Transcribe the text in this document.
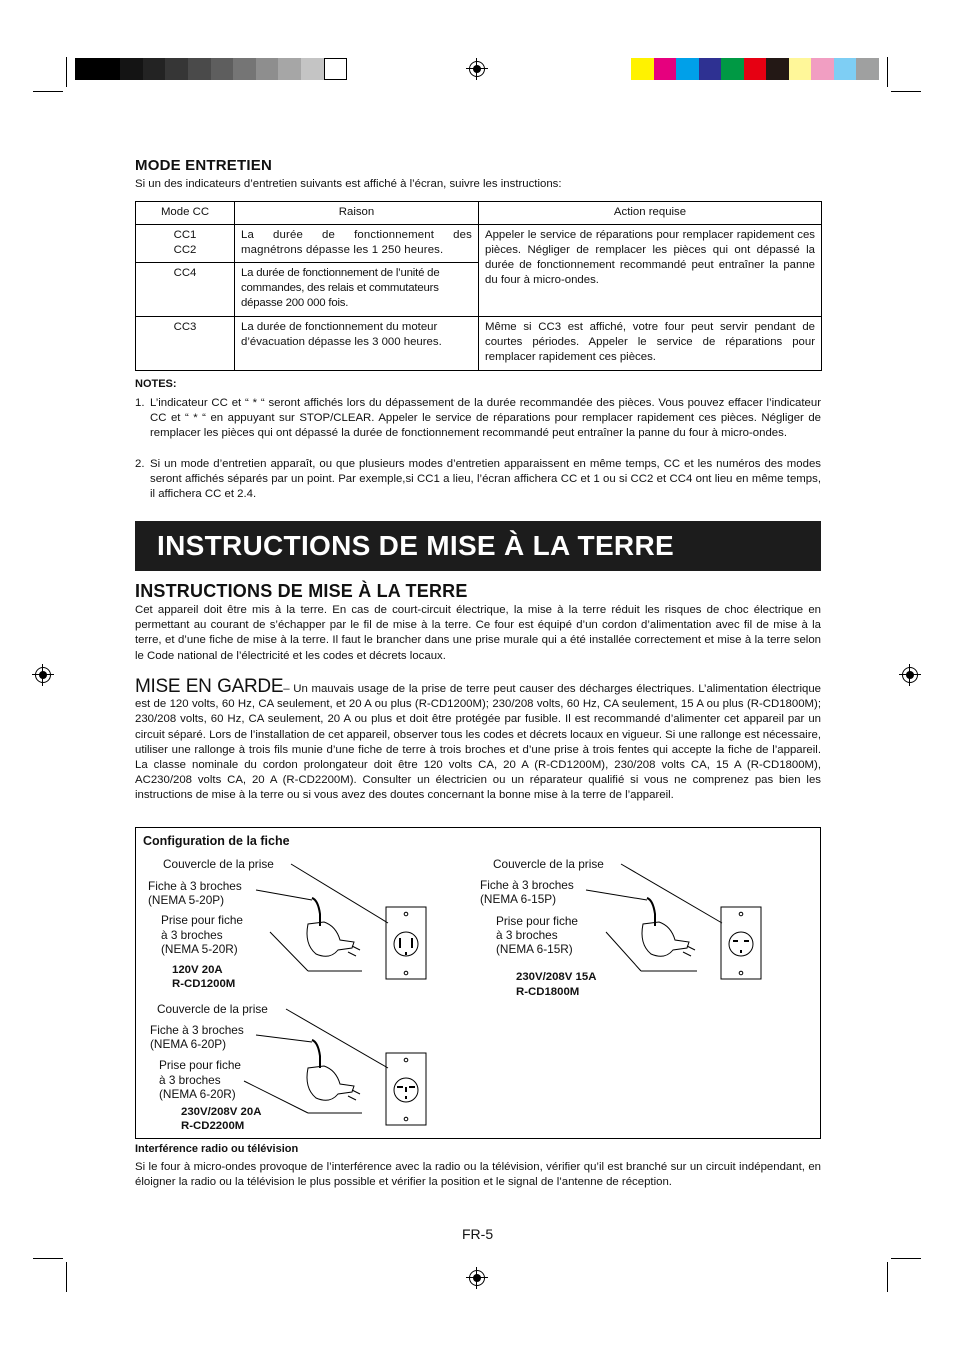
MODE ENTRETIEN

Si un des indicateurs d’entretien suivants est affiché à l’écran, suivre les instructions:

Mode CC	Raison	Action requise
CC1
CC2	La durée de fonctionnement des magnétrons dépasse les 1 250 heures.	Appeler le service de réparations pour remplacer rapidement ces pièces. Négliger de remplacer les pièces qui ont dépassé la durée de fonctionnement recommandé peut entraîner la panne du four à micro-ondes.
CC4	La durée de fonctionnement de l’unité de commandes, des relais et commutateurs dépasse 200 000 fois.	
CC3	La durée de fonctionnement du moteur d’évacuation dépasse les 3 000 heures.	Même si CC3 est affiché, votre four peut servir pendant de courtes périodes. Appeler le service de réparations pour remplacer rapidement ces pièces.
NOTES:
1. L’indicateur CC et “ * “ seront affichés lors du dépassement de la durée recommandée des pièces. Vous pouvez effacer l’indicateur CC et “ * “ en appuyant sur STOP/CLEAR. Appeler le service de réparations pour remplacer rapidement ces pièces. Négliger de remplacer les pièces qui ont dépassé la durée de fonctionnement recommandé peut entraîner la panne du four à micro-ondes.
2. Si un mode d’entretien apparaît, ou que plusieurs modes d’entretien apparaissent en même temps, CC et les numéros des modes seront affichés séparés par un point. Par exemple,si CC1 a lieu, l’écran affichera CC et 1 ou si CC2 et CC4 ont lieu en même temps, il affichera CC et 2.4.
INSTRUCTIONS DE MISE À LA TERRE
INSTRUCTIONS DE MISE À LA TERRE

Cet appareil doit être mis à la terre. En cas de court-circuit électrique, la mise à la terre réduit les risques de choc électrique en permettant au courant de s’échapper par le fil de mise à la terre. Ce four est équipé d’un cordon d’alimentation avec fil de mise à la terre, et d’une fiche de mise à la terre. Il faut le brancher dans une prise murale qui a été installée correctement et mise à la terre selon le Code national de l’électricité et les codes et décrets locaux.

MISE EN GARDE– Un mauvais usage de la prise de terre peut causer des décharges électriques. L’alimentation électrique est de 120 volts, 60 Hz, CA seulement, et 20 A ou plus (R-CD1200M); 230/208 volts, 60 Hz, CA seulement, 15 A ou plus (R-CD1800M); 230/208 volts, 60 Hz, CA seulement, 20 A ou plus et doit être protégée par fusible. Il est recommandé d’alimenter cet appareil par un circuit séparé. Lors de l’installation de cet appareil, observer tous les codes et décrets locaux en vigueur. Si une rallonge est nécessaire, utiliser une rallonge à trois fils munie d’une fiche de terre à trois broches et d’une prise à trois fentes qui accepte la fiche de l’appareil. La classe nominale du cordon prolongateur doit être 120 volts CA, 20 A (R-CD1200M), 230/208 volts CA, 15 A (R-CD1800M), AC230/208 volts CA, 20 A (R-CD2200M). Consulter un électricien ou un réparateur qualifié si vous ne comprenez pas bien les instructions de mise à la terre ou si vous avez des doutes concernant la bonne mise à la terre de l’appareil.

Configuration de la fiche
Couvercle de la prise
Fiche à 3 broches
(NEMA 5-20P)
Prise pour fiche
à 3 broches
(NEMA 5-20R)
120V 20A
R-CD1200M
Couvercle de la prise
Fiche à 3 broches
(NEMA 6-15P)
Prise pour fiche
à 3 broches
(NEMA 6-15R)
230V/208V 15A
R-CD1800M
Couvercle de la prise
Fiche à 3 broches
(NEMA 6-20P)
Prise pour fiche
à 3 broches
(NEMA 6-20R)
230V/208V 20A
R-CD2200M
Interférence radio ou télévision

Si le four à micro-ondes provoque de l’interférence avec la radio ou la télévision, vérifier qu’il est branché sur un circuit indépendant, en éloigner la radio ou la télévision le plus possible et vérifier la position et le signal de l’antenne de réception.

FR-5
